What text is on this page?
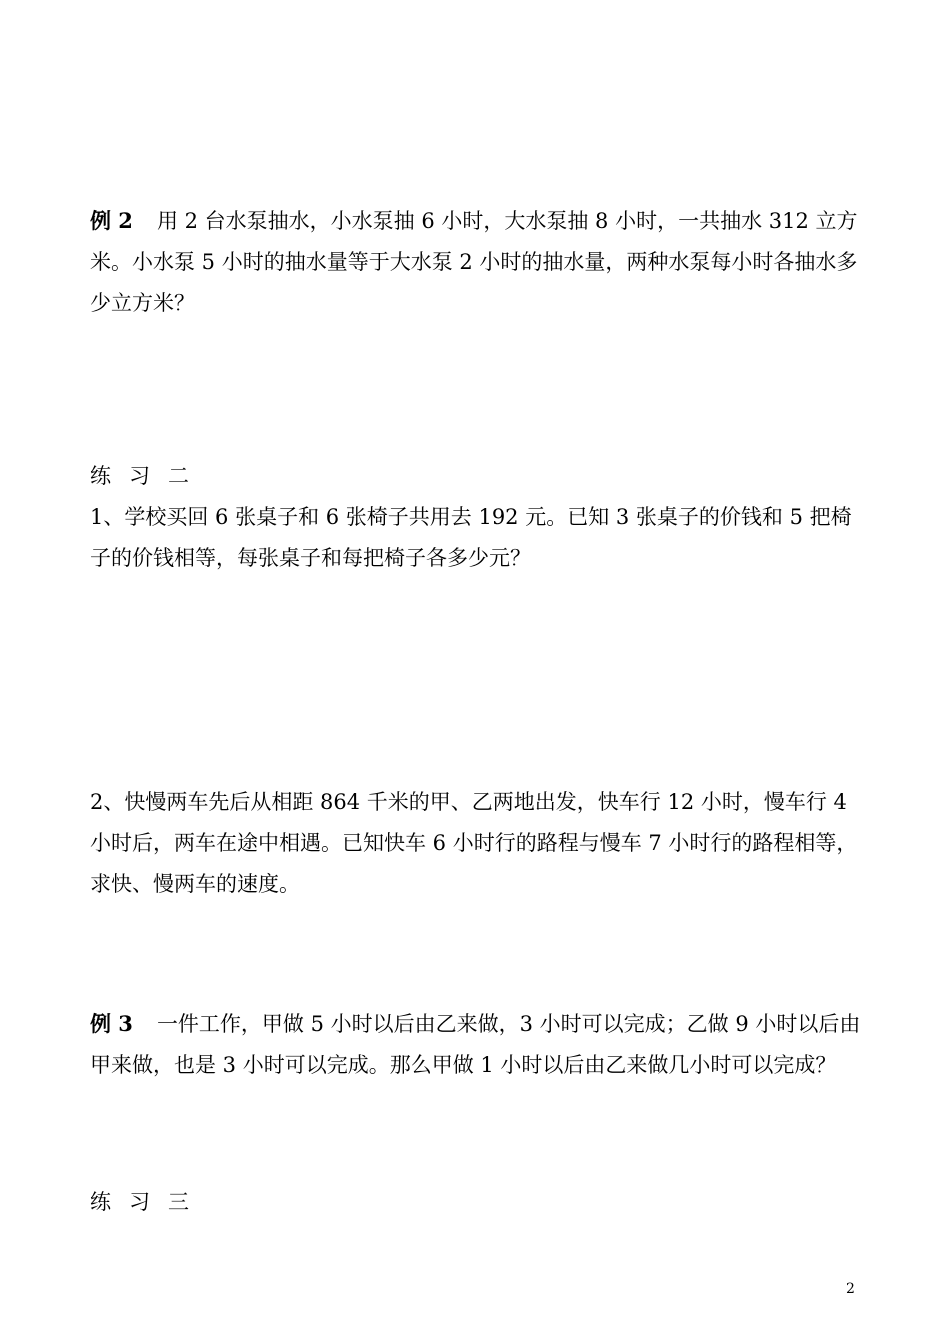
例 2 用 2 台水泵抽水，小水泵抽 6 小时，大水泵抽 8 小时，一共抽水 312 立方米。小水泵 5 小时的抽水量等于大水泵 2 小时的抽水量，两种水泵每小时各抽水多少立方米？

练习二

1、学校买回 6 张桌子和 6 张椅子共用去 192 元。已知 3 张桌子的价钱和 5 把椅子的价钱相等，每张桌子和每把椅子各多少元？

2、快慢两车先后从相距 864 千米的甲、乙两地出发，快车行 12 小时，慢车行 4 小时后，两车在途中相遇。已知快车 6 小时行的路程与慢车 7 小时行的路程相等，求快、慢两车的速度。

例 3 一件工作，甲做 5 小时以后由乙来做，3 小时可以完成；乙做 9 小时以后由甲来做，也是 3 小时可以完成。那么甲做 1 小时以后由乙来做几小时可以完成？

练习三

2
